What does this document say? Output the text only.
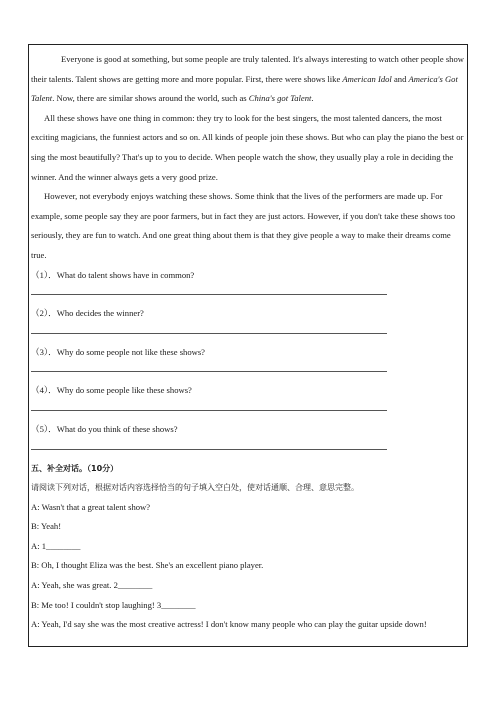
Everyone is good at something, but some people are truly talented. It's always interesting to watch other people show their talents. Talent shows are getting more and more popular. First, there were shows like American Idol and America's Got Talent. Now, there are similar shows around the world, such as China's got Talent.

All these shows have one thing in common: they try to look for the best singers, the most talented dancers, the most exciting magicians, the funniest actors and so on. All kinds of people join these shows. But who can play the piano the best or sing the most beautifully? That's up to you to decide. When people watch the show, they usually play a role in deciding the winner. And the winner always gets a very good prize.

However, not everybody enjoys watching these shows. Some think that the lives of the performers are made up. For example, some people say they are poor farmers, but in fact they are just actors. However, if you don't take these shows too seriously, they are fun to watch. And one great thing about them is that they give people a way to make their dreams come true.

（1）．What do talent shows have in common?

（2）．Who decides the winner?

（3）．Why do some people not like these shows?

（4）．Why do some people like these shows?

（5）．What do you think of these shows?

五、补全对话。（10分）

请阅读下列对话，根据对话内容选择恰当的句子填入空白处，使对话通顺、合理、意思完整。

A: Wasn't that a great talent show?

B: Yeah!

A: 1________

B: Oh, I thought Eliza was the best. She's an excellent piano player.

A: Yeah, she was great. 2________

B: Me too! I couldn't stop laughing! 3________

A: Yeah, I'd say she was the most creative actress! I don't know many people who can play the guitar upside down!
